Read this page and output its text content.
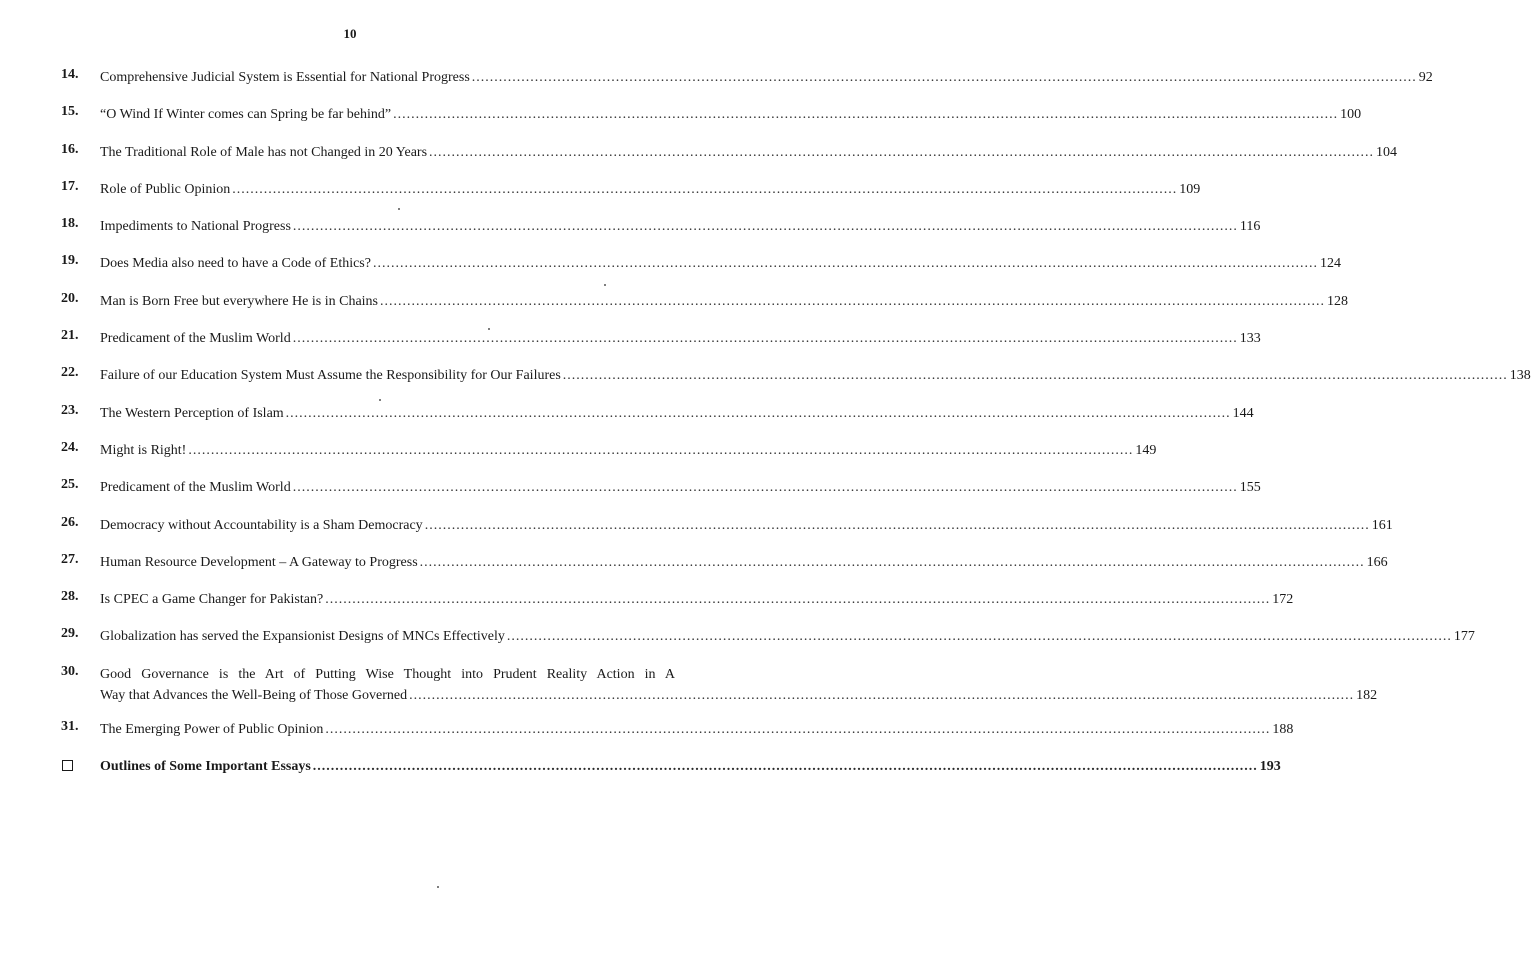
10
14. Comprehensive Judicial System is Essential for National Progress .....	92
15. “O Wind If Winter comes can Spring be far behind” .....	100
16. The Traditional Role of Male has not Changed in 20 Years .....	104
17. Role of Public Opinion .....	109
18. Impediments to National Progress .....	116
19. Does Media also need to have a Code of Ethics? .....	124
20. Man is Born Free but everywhere He is in Chains .....	128
21. Predicament of the Muslim World .....	133
22. Failure of our Education System Must Assume the Responsibility for Our Failures .....	138
23. The Western Perception of Islam .....	144
24. Might is Right! .....	149
25. Predicament of the Muslim World .....	155
26. Democracy without Accountability is a Sham Democracy .....	161
27. Human Resource Development – A Gateway to Progress .....	166
28. Is CPEC a Game Changer for Pakistan? .....	172
29. Globalization has served the Expansionist Designs of MNCs Effectively .....	177
30. Good Governance is the Art of Putting Wise Thought into Prudent Reality Action in A
Way that Advances the Well-Being of Those Governed .....	182
31. The Emerging Power of Public Opinion .....	188
Outlines of Some Important Essays .....	193
